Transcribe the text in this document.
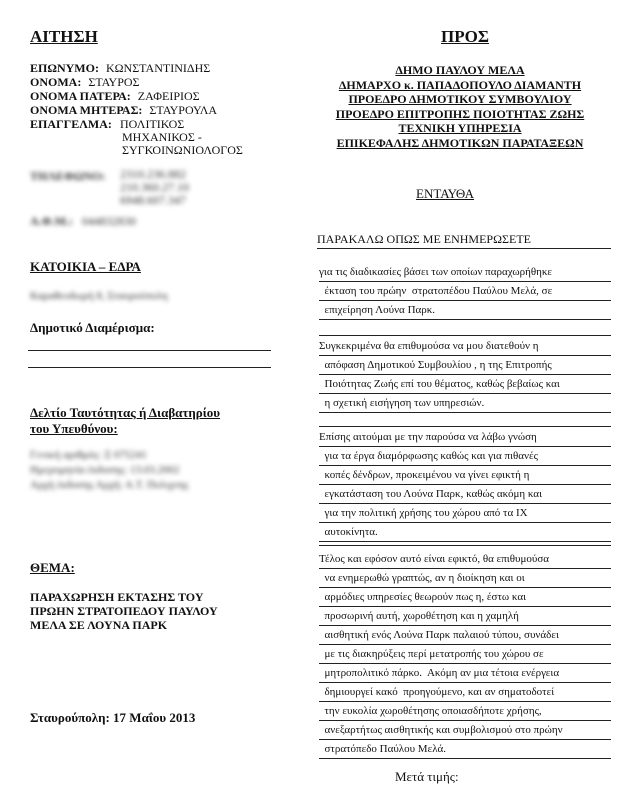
ΑΙΤΗΣΗ
ΕΠΩΝΥΜΟ: ΚΩΝΣΤΑΝΤΙΝΙΔΗΣ
ΟΝΟΜΑ: ΣΤΑΥΡΟΣ
ΟΝΟΜΑ ΠΑΤΕΡΑ: ΖΑΦΕΙΡΙΟΣ
ΟΝΟΜΑ ΜΗΤΕΡΑΣ: ΣΤΑΥΡΟΥΛΑ
ΕΠΑΓΓΕΛΜΑ: ΠΟΛΙΤΙΚΟΣ
ΜΗΧΑΝΙΚΟΣ -
ΣΥΓΚΟΙΝΩΝΙΟΛΟΓΟΣ
ΤΗΛΕΦΩΝΟ: 2310.236.882
210.360.27.10
6948.607.347
Α.Φ.Μ.: 044832830
ΚΑΤΟΙΚΙΑ – ΕΔΡΑ
Καραθεοδωρή 8, Σταυρούπολη
Δημοτικό Διαμέρισμα:
Δελτίο Ταυτότητας ή Διαβατηρίου
του Υπευθύνου:
Γενική αριθμός: Ξ 075241
Ημερομηνία έκδοσης: 13.03.2002
Αρχή έκδοσης Αρχή: Α.Τ. Πολιχνης
ΘΕΜΑ:
ΠΑΡΑΧΩΡΗΣΗ ΕΚΤΑΣΗΣ ΤΟΥ
ΠΡΩΗΝ ΣΤΡΑΤΟΠΕΔΟΥ ΠΑΥΛΟΥ
ΜΕΛΑ ΣΕ ΛΟΥΝΑ ΠΑΡΚ
Σταυρούπολη: 17 Μαΐου 2013
ΠΡΟΣ
ΔΗΜΟ ΠΑΥΛΟΥ ΜΕΛΑ
ΔΗΜΑΡΧΟ κ. ΠΑΠΑΔΟΠΟΥΛΟ ΔΙΑΜΑΝΤΗ
ΠΡΟΕΔΡΟ ΔΗΜΟΤΙΚΟΥ ΣΥΜΒΟΥΛΙΟΥ
ΠΡΟΕΔΡΟ ΕΠΙΤΡΟΠΗΣ ΠΟΙΟΤΗΤΑΣ ΖΩΗΣ
ΤΕΧΝΙΚΗ ΥΠΗΡΕΣΙΑ
ΕΠΙΚΕΦΑΛΗΣ ΔΗΜΟΤΙΚΩΝ ΠΑΡΑΤΑΞΕΩΝ
ΕΝΤΑΥΘΑ
ΠΑΡΑΚΑΛΩ ΟΠΩΣ ΜΕ ΕΝΗΜΕΡΩΣΕΤΕ
για τις διαδικασίες βάσει των οποίων παραχωρήθηκε
έκταση του πρώην  στρατοπέδου Παύλου Μελά, σε
επιχείρηση Λούνα Παρκ.
Συγκεκριμένα θα επιθυμούσα να μου διατεθούν η
απόφαση Δημοτικού Συμβουλίου , η της Επιτροπής
Ποιότητας Ζωής επί του θέματος, καθώς βεβαίως και
η σχετική εισήγηση των υπηρεσιών.
Επίσης αιτούμαι με την παρούσα να λάβω γνώση
για τα έργα διαμόρφωσης καθώς και για πιθανές
κοπές δένδρων, προκειμένου να γίνει εφικτή η
εγκατάσταση του Λούνα Παρκ, καθώς ακόμη και
για την πολιτική χρήσης του χώρου από τα ΙΧ
αυτοκίνητα.
Τέλος και εφόσον αυτό είναι εφικτό, θα επιθυμούσα
να ενημερωθώ γραπτώς, αν η διοίκηση και οι
αρμόδιες υπηρεσίες θεωρούν πως η, έστω και
προσωρινή αυτή, χωροθέτηση και η χαμηλή
αισθητική ενός Λούνα Παρκ παλαιού τύπου, συνάδει
με τις διακηρύξεις περί μετατροπής του χώρου σε
μητροπολιτικό πάρκο.  Ακόμη αν μια τέτοια ενέργεια
δημιουργεί κακό  προηγούμενο, και αν σηματοδοτεί
την ευκολία χωροθέτησης οποιασδήποτε χρήσης,
ανεξαρτήτως αισθητικής και συμβολισμού στο πρώην
στρατόπεδο Παύλου Μελά.
Μετά τιμής:
